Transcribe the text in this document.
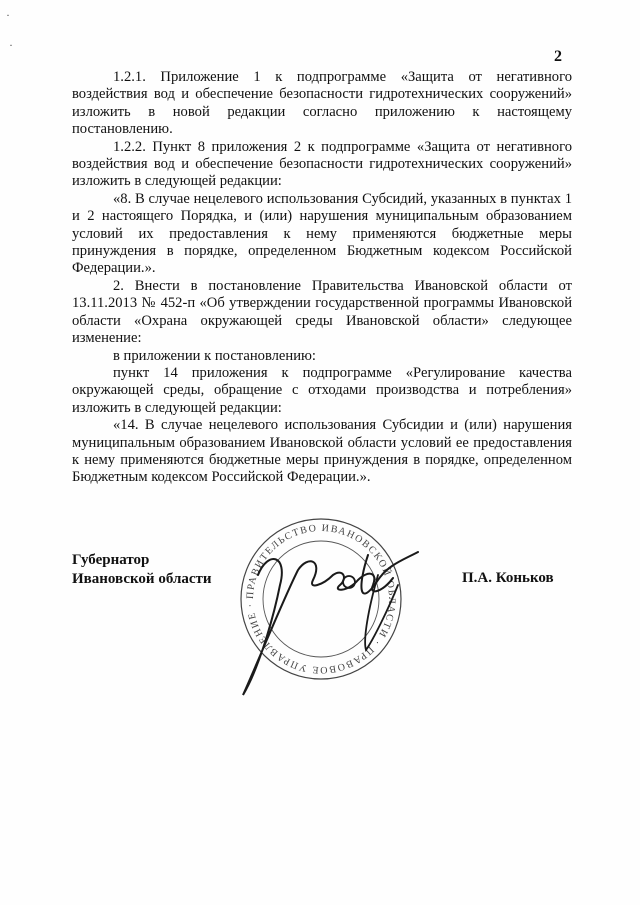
·
·
2

1.2.1. Приложение 1 к подпрограмме «Защита от негативного воздействия вод и обеспечение безопасности гидротехнических сооружений» изложить в новой редакции согласно приложению к настоящему постановлению.

1.2.2. Пункт 8 приложения 2 к подпрограмме «Защита от негативного воздействия вод и обеспечение безопасности гидротехнических сооружений» изложить в следующей редакции:

«8. В случае нецелевого использования Субсидий, указанных в пунктах 1 и 2 настоящего Порядка, и (или) нарушения муниципальным образованием условий их предоставления к нему применяются бюджетные меры принуждения в порядке, определенном Бюджетным кодексом Российской Федерации.».

2. Внести в постановление Правительства Ивановской области от 13.11.2013 № 452-п «Об утверждении государственной программы Ивановской области «Охрана окружающей среды Ивановской области» следующее изменение:

в приложении к постановлению:

пункт 14 приложения к подпрограмме «Регулирование качества окружающей среды, обращение с отходами производства и потребления» изложить в следующей редакции:

«14. В случае нецелевого использования Субсидии и (или) нарушения муниципальным образованием Ивановской области условий ее предоставления к нему применяются бюджетные меры принуждения в порядке, определенном Бюджетным кодексом Российской Федерации.».

ПРАВИТЕЛЬСТВО ИВАНОВСКОЙ ОБЛАСТИ · ПРАВОВОЕ УПРАВЛЕНИЕ ·
Губернатор
Ивановской области	П.А. Коньков
